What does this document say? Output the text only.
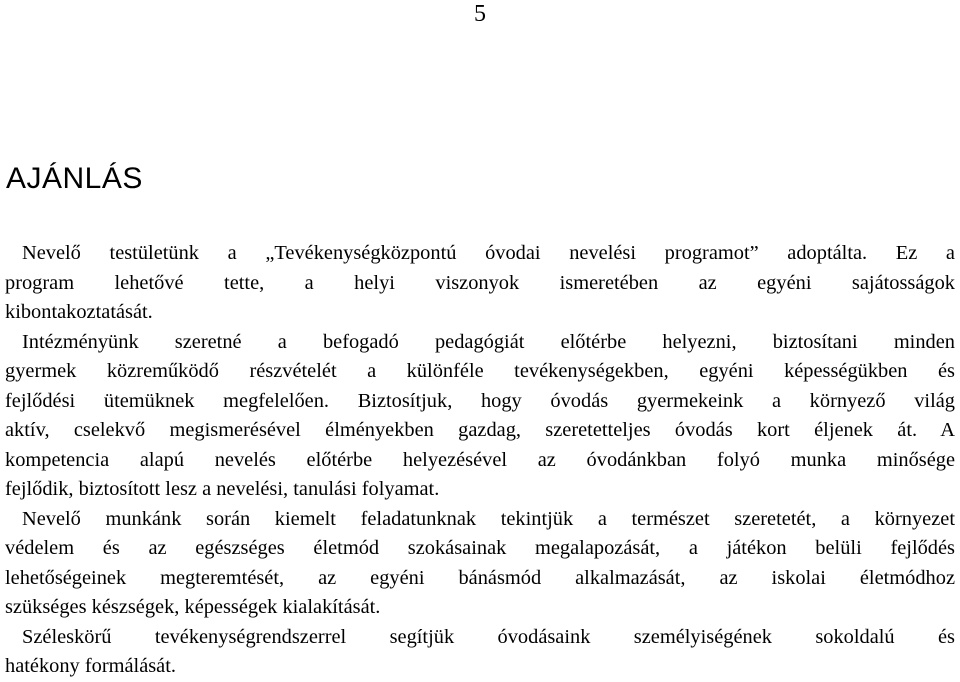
5
AJÁNLÁS
Nevelő testületünk a „Tevékenységközpontú óvodai nevelési programot” adoptálta. Ez a
program lehetővé tette, a helyi viszonyok ismeretében az egyéni sajátosságok
kibontakoztatását.
Intézményünk szeretné a befogadó pedagógiát előtérbe helyezni, biztosítani minden
gyermek közreműködő részvételét a különféle tevékenységekben, egyéni képességükben és
fejlődési ütemüknek megfelelően. Biztosítjuk, hogy óvodás gyermekeink a környező világ
aktív, cselekvő megismerésével élményekben gazdag, szeretetteljes óvodás kort éljenek át. A
kompetencia alapú nevelés előtérbe helyezésével az óvodánkban folyó munka minősége
fejlődik, biztosított lesz a nevelési, tanulási folyamat.
Nevelő munkánk során kiemelt feladatunknak tekintjük a természet szeretetét, a környezet
védelem és az egészséges életmód szokásainak megalapozását, a játékon belüli fejlődés
lehetőségeinek megteremtését, az egyéni bánásmód alkalmazását, az iskolai életmódhoz
szükséges készségek, képességek kialakítását.
Széleskörű tevékenységrendszerrel segítjük óvodásaink személyiségének sokoldalú és
hatékony formálását.
